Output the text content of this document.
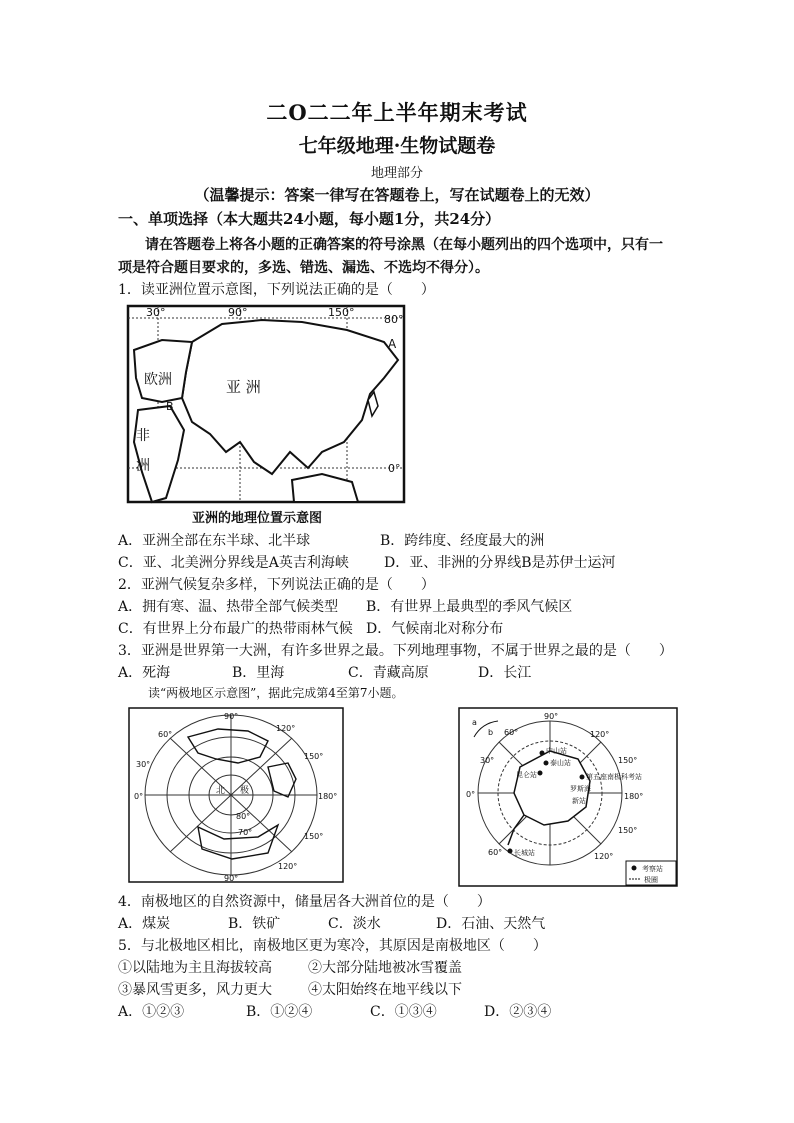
二O二二年上半年期末考试
七年级地理·生物试题卷
地理部分
（温馨提示：答案一律写在答题卷上，写在试题卷上的无效）
一、单项选择（本大题共24小题，每小题1分，共24分）
请在答题卷上将各小题的正确答案的符号涂黑（在每小题列出的四个选项中，只有一
项是符合题目要求的，多选、错选、漏选、不选均不得分）。
1．读亚洲位置示意图，下列说法正确的是（　　）
30°	90°	150°
80°
0°
欧洲	亚 洲
非
洲
A
B
亚洲的地理位置示意图
A．亚洲全部在东半球、北半球	B．跨纬度、经度最大的洲
C．亚、北美洲分界线是A英吉利海峡	D．亚、非洲的分界线B是苏伊士运河
2．亚洲气候复杂多样，下列说法正确的是（　　）
A．拥有寒、温、热带全部气候类型 B．有世界上最典型的季风气候区
C．有世界上分布最广的热带雨林气候 D．气候南北对称分布
3．亚洲是世界第一大洲，有许多世界之最。下列地理事物，不属于世界之最的是（　　）
A．死海	B．里海	C．青藏高原	D．长江
读“两极地区示意图”，据此完成第4至第7小题。
90°
120°
150°
180°
60°
30°
150°
120°
90°
70°
80°
0°
北 极
90°
120°
150°
180°
150°
120°
60°
30°
0°
60°
中山站
泰山站
昆仑站	第五座南极科考站
罗斯海
新站
长城站
a
b
考察站
极圈
4．南极地区的自然资源中，储量居各大洲首位的是（　　）
A．煤炭	B．铁矿	C．淡水	D．石油、天然气
5．与北极地区相比，南极地区更为寒冷，其原因是南极地区（　　）
①以陆地为主且海拔较高	②大部分陆地被冰雪覆盖
③暴风雪更多，风力更大	④太阳始终在地平线以下
A．①②③	B．①②④	C．①③④	D．②③④
